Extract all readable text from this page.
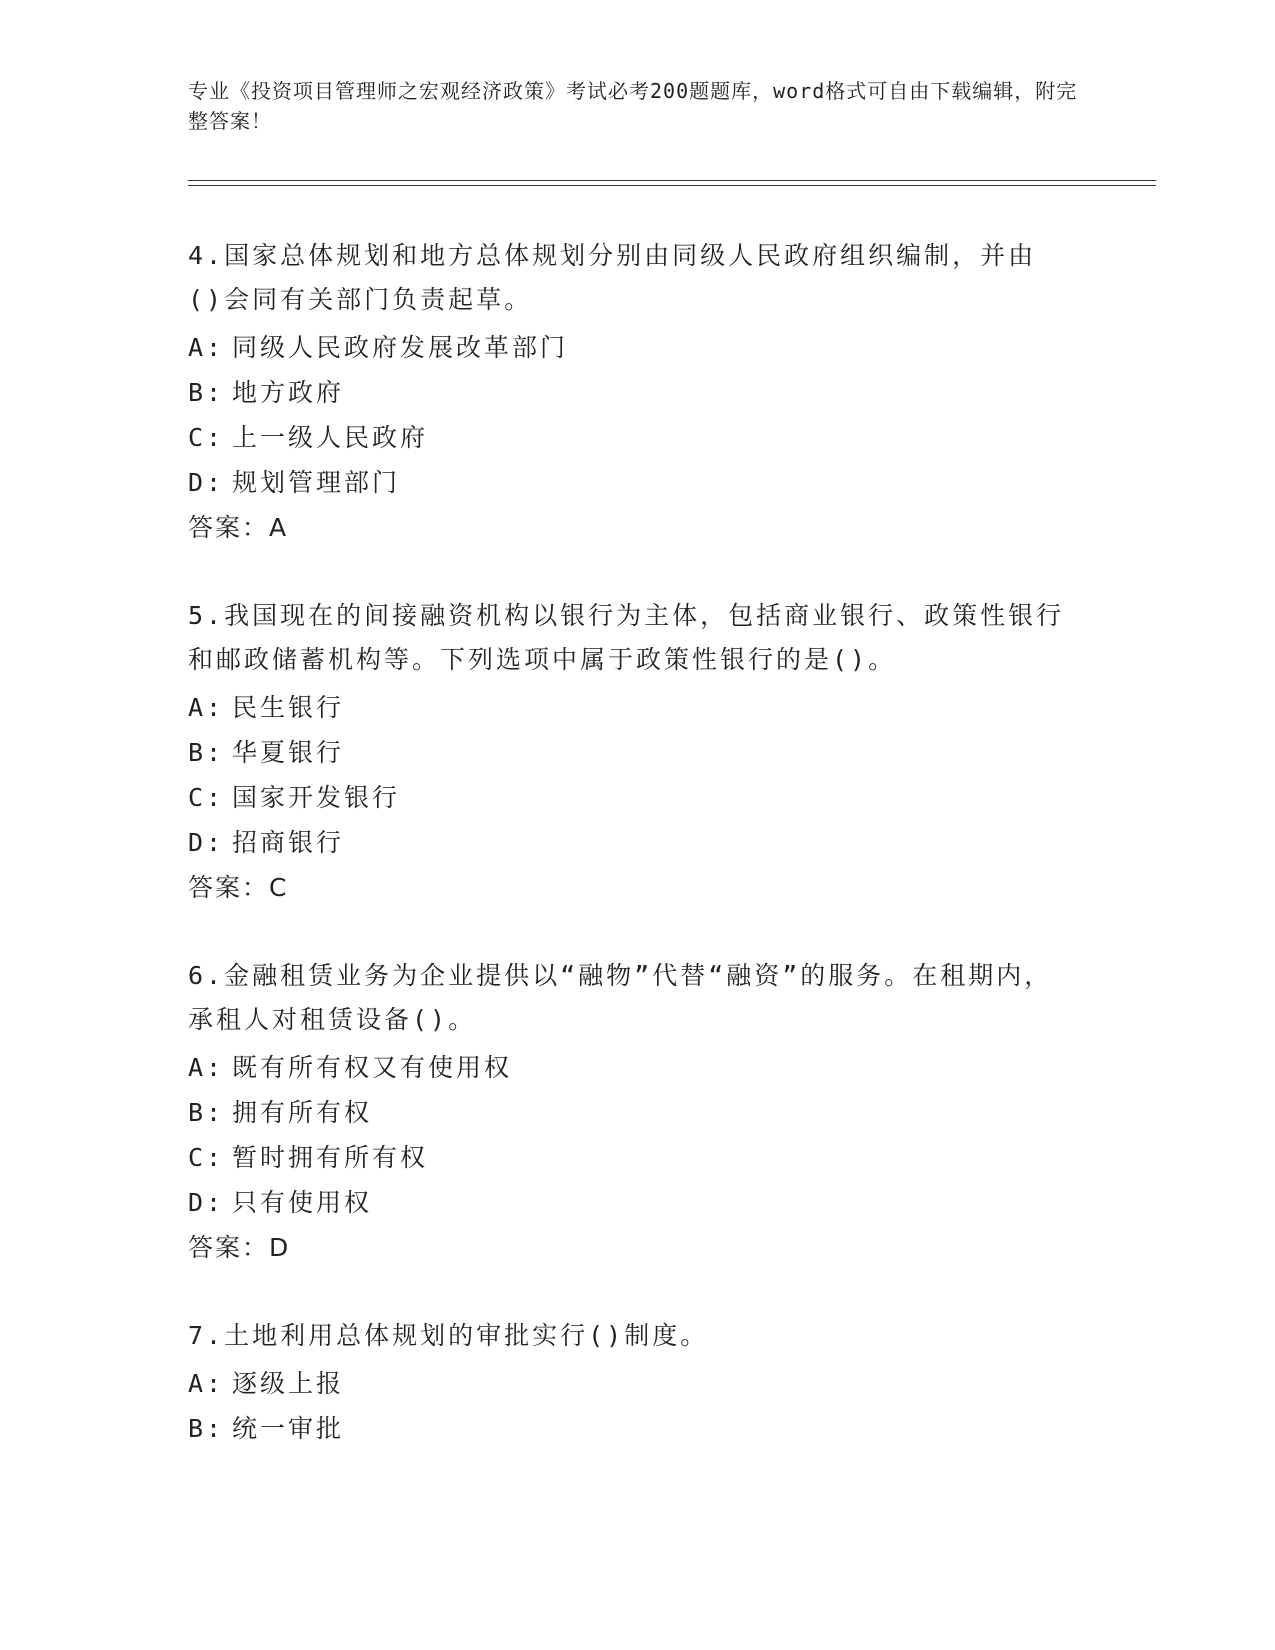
专业《投资项目管理师之宏观经济政策》考试必考200题题库，word格式可自由下载编辑，附完整答案！
4.国家总体规划和地方总体规划分别由同级人民政府组织编制，并由()会同有关部门负责起草。
A: 同级人民政府发展改革部门
B: 地方政府
C: 上一级人民政府
D: 规划管理部门
答案：A
5.我国现在的间接融资机构以银行为主体，包括商业银行、政策性银行和邮政储蓄机构等。下列选项中属于政策性银行的是()。
A: 民生银行
B: 华夏银行
C: 国家开发银行
D: 招商银行
答案：C
6.金融租赁业务为企业提供以“融物”代替“融资”的服务。在租期内，承租人对租赁设备()。
A: 既有所有权又有使用权
B: 拥有所有权
C: 暂时拥有所有权
D: 只有使用权
答案：D
7.土地利用总体规划的审批实行()制度。
A: 逐级上报
B: 统一审批
